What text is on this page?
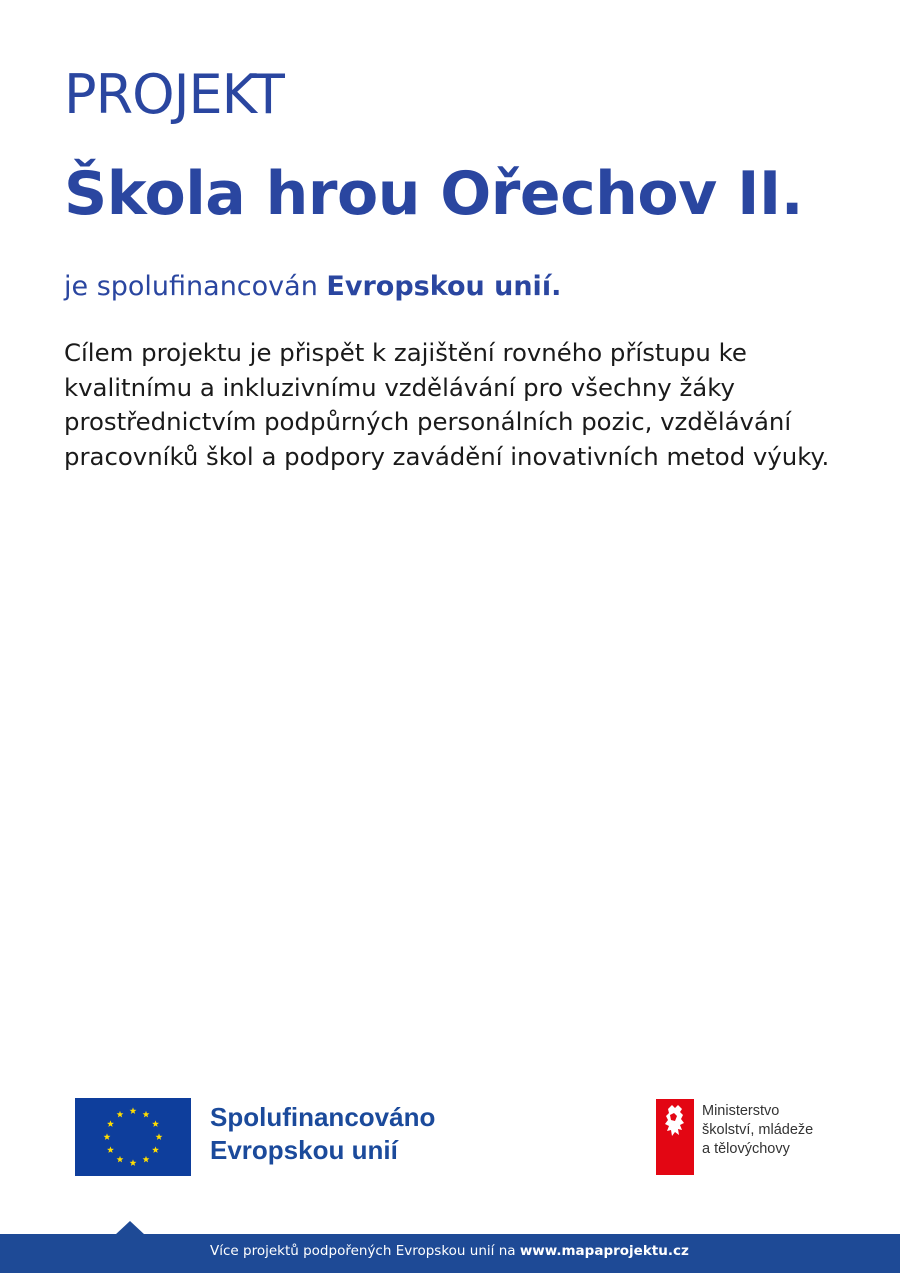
PROJEKT
Škola hrou Ořechov II.
je spolufinancován Evropskou unií.
Cílem projektu je přispět k zajištění rovného přístupu ke
kvalitnímu a inkluzivnímu vzdělávání pro všechny žáky
prostřednictvím podpůrných personálních pozic, vzdělávání
pracovníků škol a podpory zavádění inovativních metod výuky.
Spolufinancováno
Evropskou unií
Ministerstvo
školství, mládeže
a tělovýchovy
Více projektů podpořených Evropskou unií na www.mapaprojektu.cz
